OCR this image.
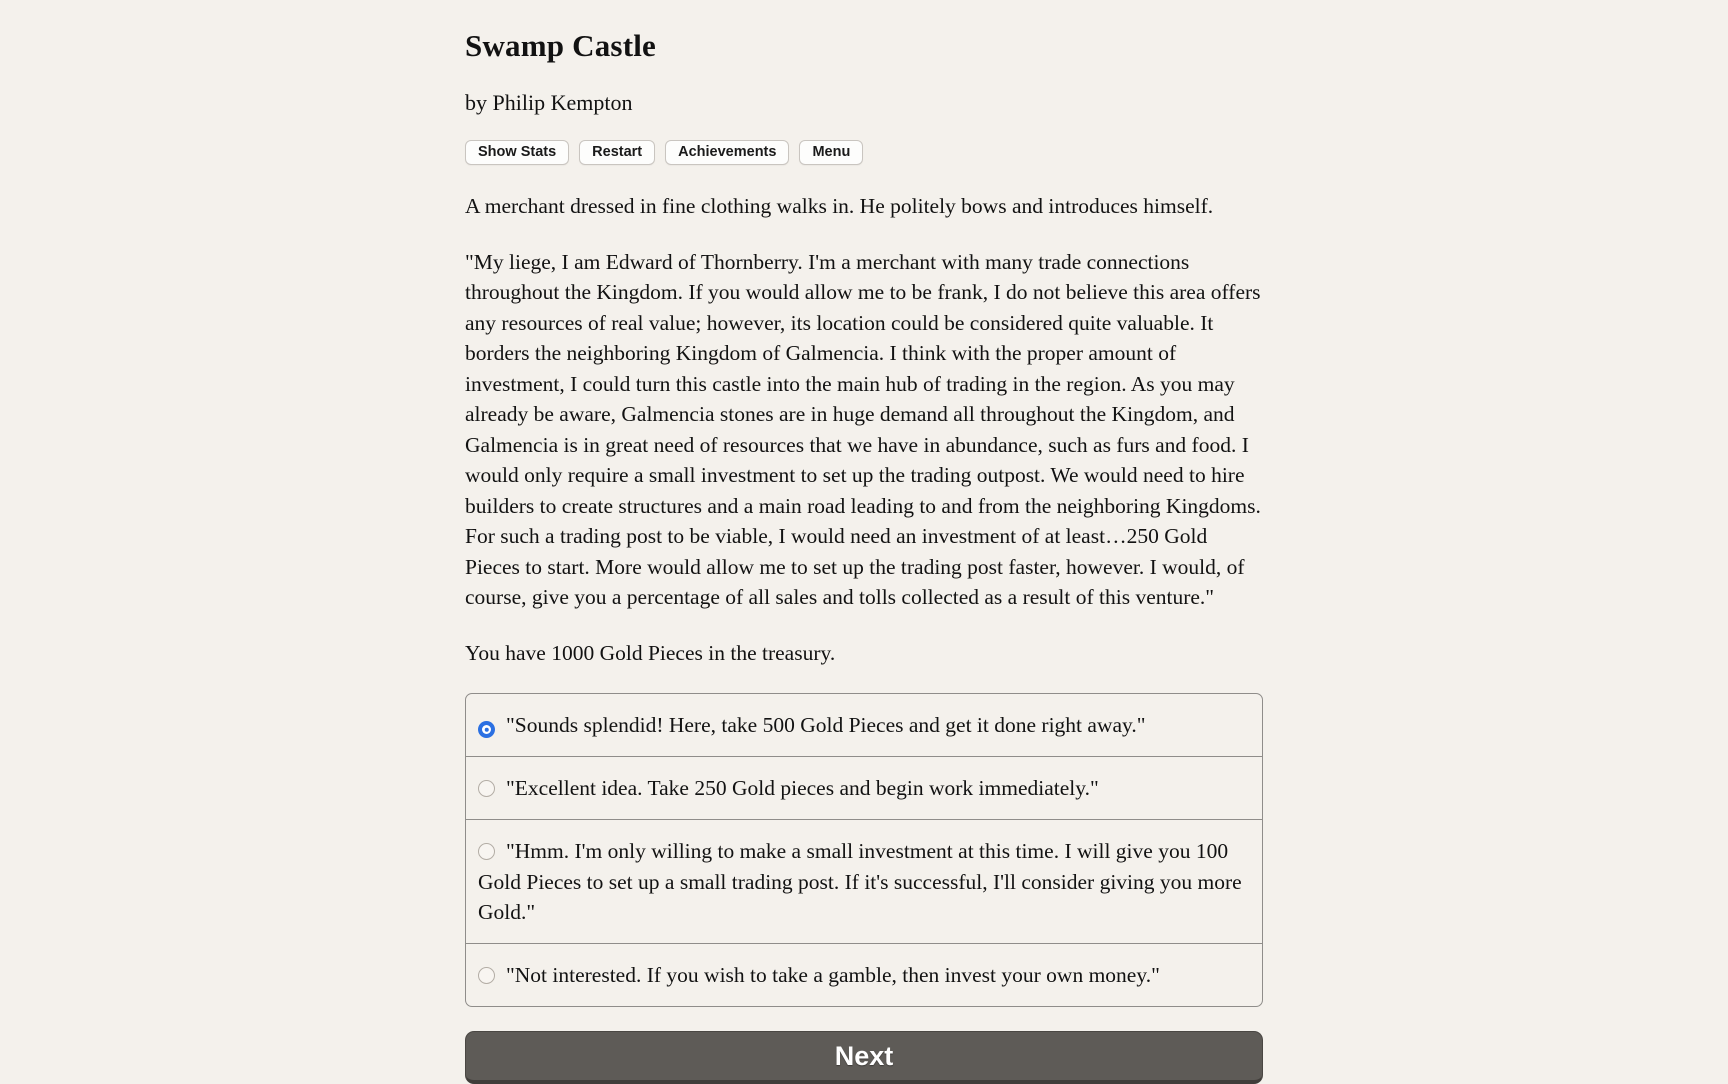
Swamp Castle

by Philip Kempton

Show Stats	Restart	Achievements	Menu

A merchant dressed in fine clothing walks in. He politely bows and introduces himself.

"My liege, I am Edward of Thornberry. I'm a merchant with many trade connections throughout the Kingdom. If you would allow me to be frank, I do not believe this area offers any resources of real value; however, its location could be considered quite valuable. It borders the neighboring Kingdom of Galmencia. I think with the proper amount of investment, I could turn this castle into the main hub of trading in the region. As you may already be aware, Galmencia stones are in huge demand all throughout the Kingdom, and Galmencia is in great need of resources that we have in abundance, such as furs and food. I would only require a small investment to set up the trading outpost. We would need to hire builders to create structures and a main road leading to and from the neighboring Kingdoms. For such a trading post to be viable, I would need an investment of at least…250 Gold Pieces to start. More would allow me to set up the trading post faster, however. I would, of course, give you a percentage of all sales and tolls collected as a result of this venture."

You have 1000 Gold Pieces in the treasury.

"Sounds splendid! Here, take 500 Gold Pieces and get it done right away."
"Excellent idea. Take 250 Gold pieces and begin work immediately."
"Hmm. I'm only willing to make a small investment at this time. I will give you 100 Gold Pieces to set up a small trading post. If it's successful, I'll consider giving you more Gold."
"Not interested. If you wish to take a gamble, then invest your own money."
Next
